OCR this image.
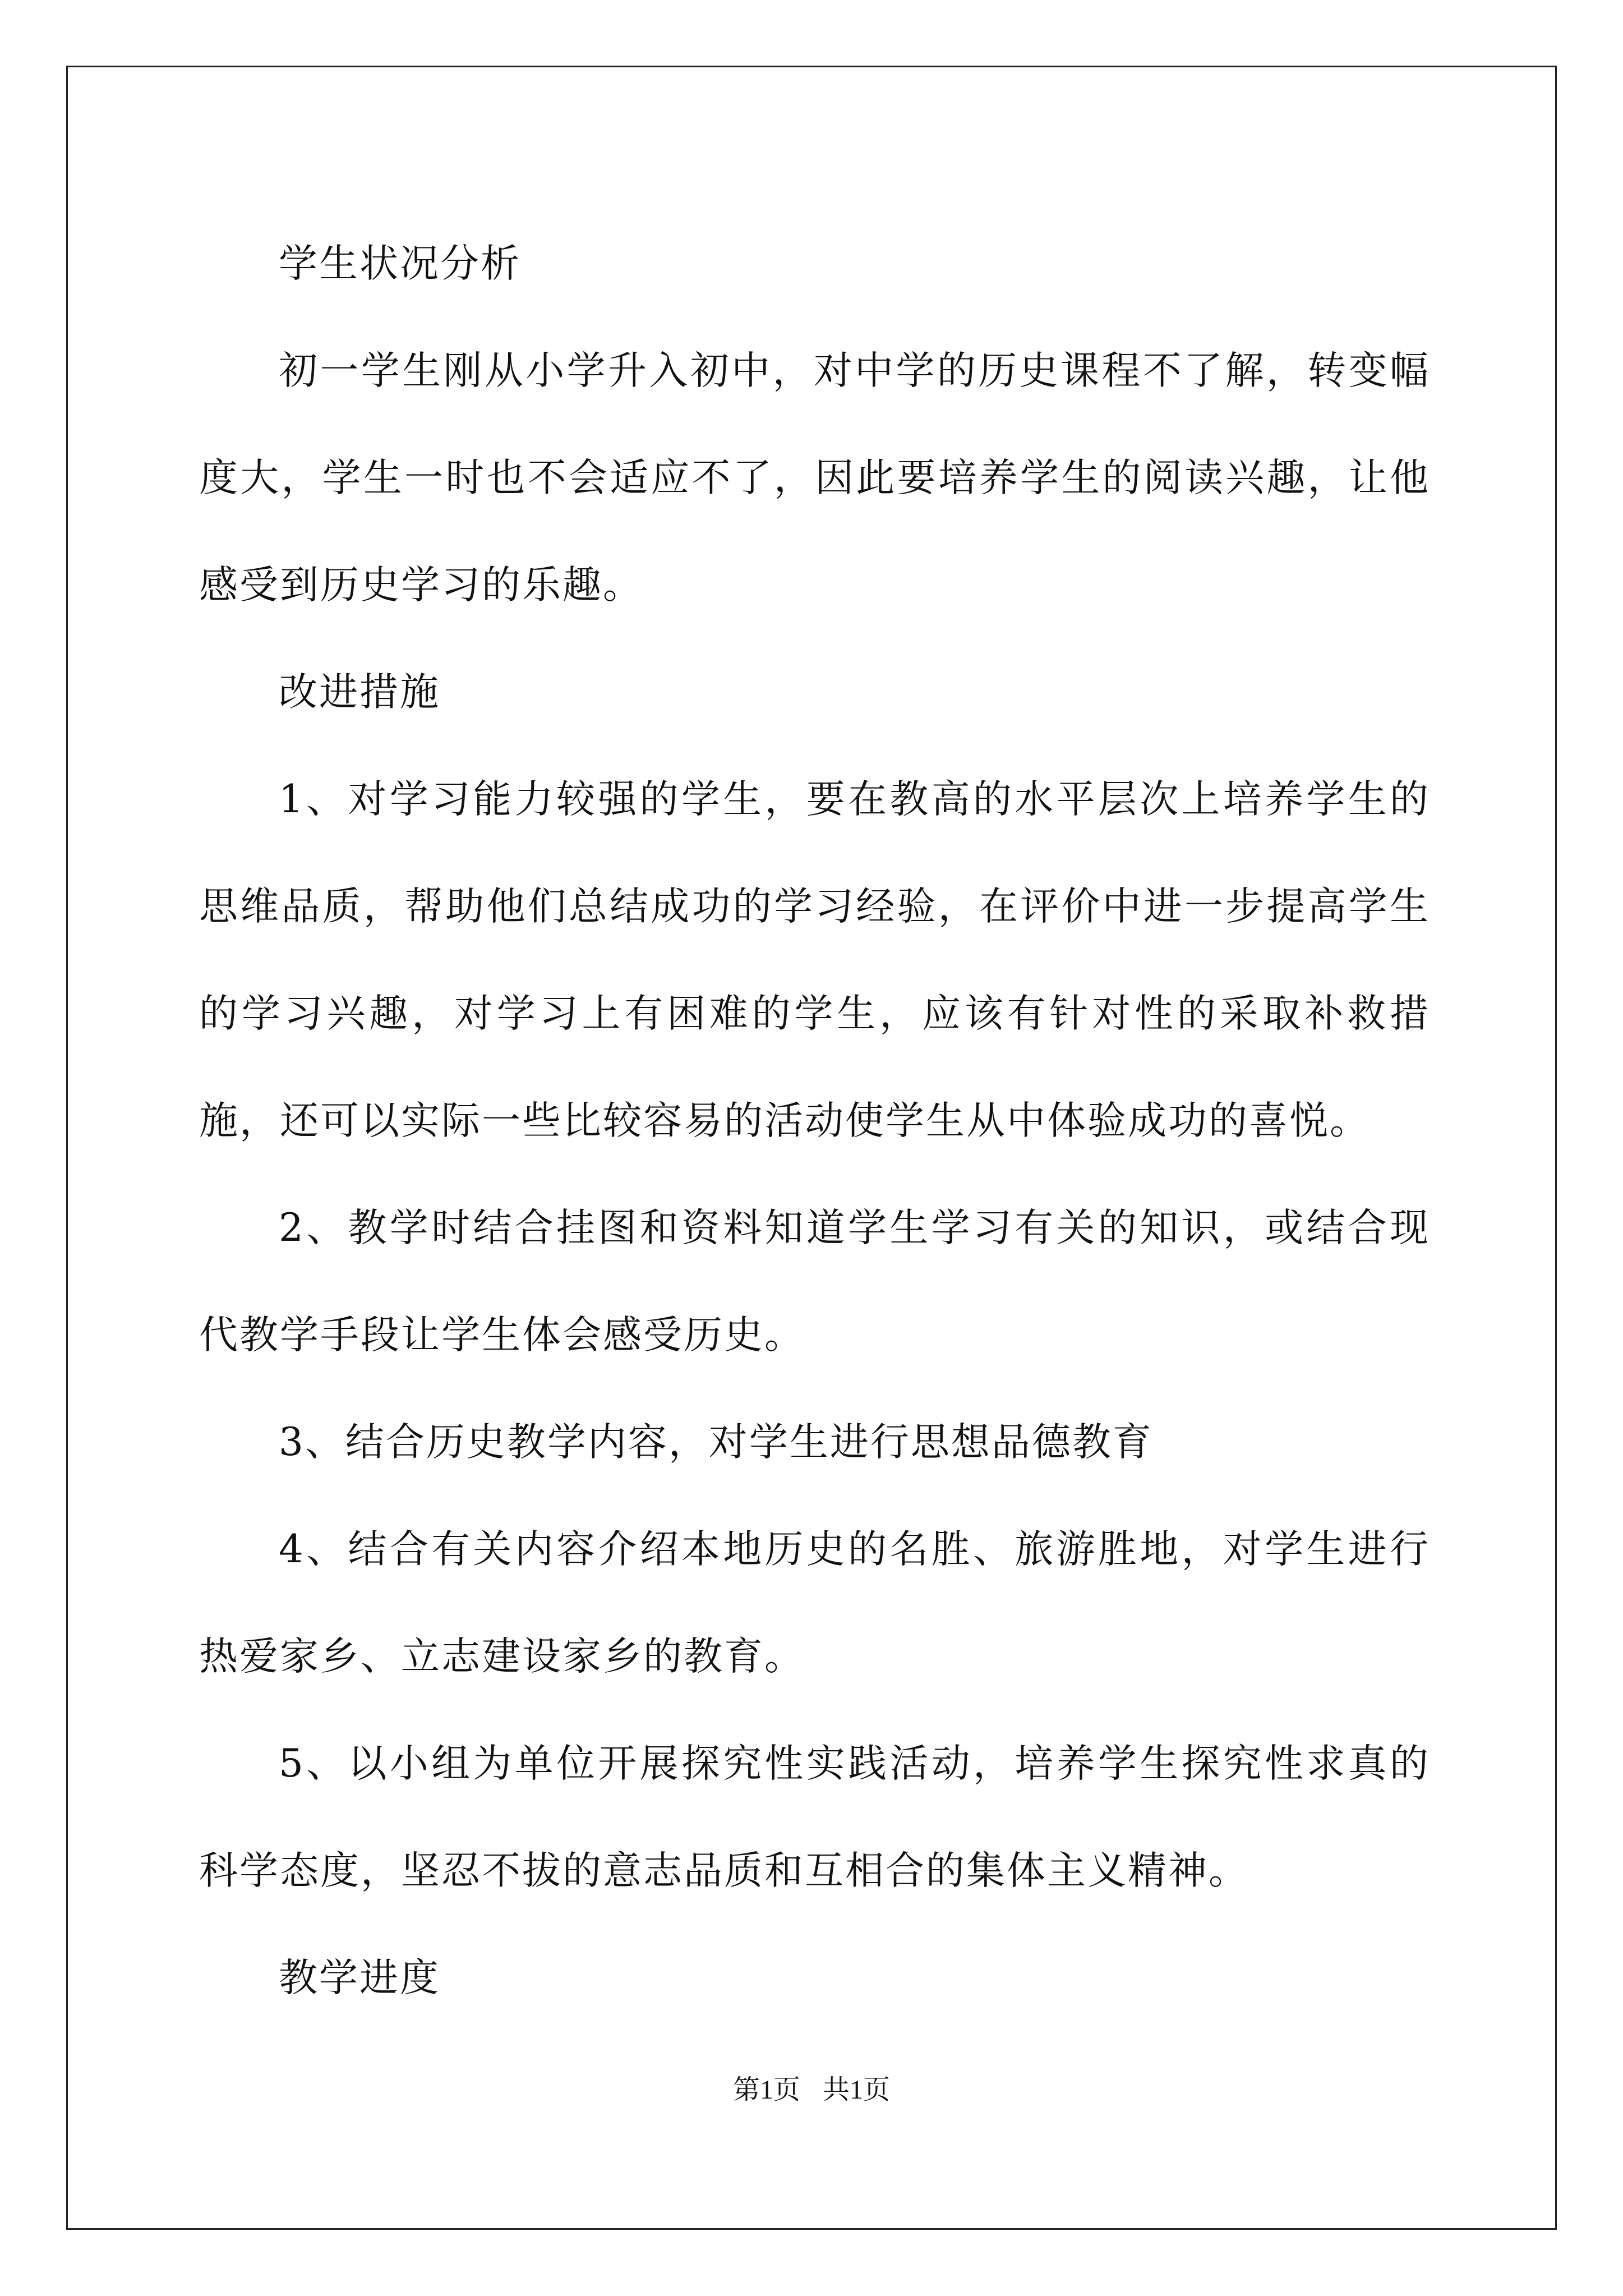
学生状况分析

初一学生刚从小学升入初中，对中学的历史课程不了解，转变幅度大，学生一时也不会适应不了，因此要培养学生的阅读兴趣，让他感受到历史学习的乐趣。

改进措施

1、对学习能力较强的学生，要在教高的水平层次上培养学生的思维品质，帮助他们总结成功的学习经验，在评价中进一步提高学生的学习兴趣，对学习上有困难的学生，应该有针对性的采取补救措施，还可以实际一些比较容易的活动使学生从中体验成功的喜悦。

2、教学时结合挂图和资料知道学生学习有关的知识，或结合现代教学手段让学生体会感受历史。

3、结合历史教学内容，对学生进行思想品德教育

4、结合有关内容介绍本地历史的名胜、旅游胜地，对学生进行热爱家乡、立志建设家乡的教育。

5、以小组为单位开展探究性实践活动，培养学生探究性求真的科学态度，坚忍不拔的意志品质和互相合的集体主义精神。

教学进度

第1页 共1页
